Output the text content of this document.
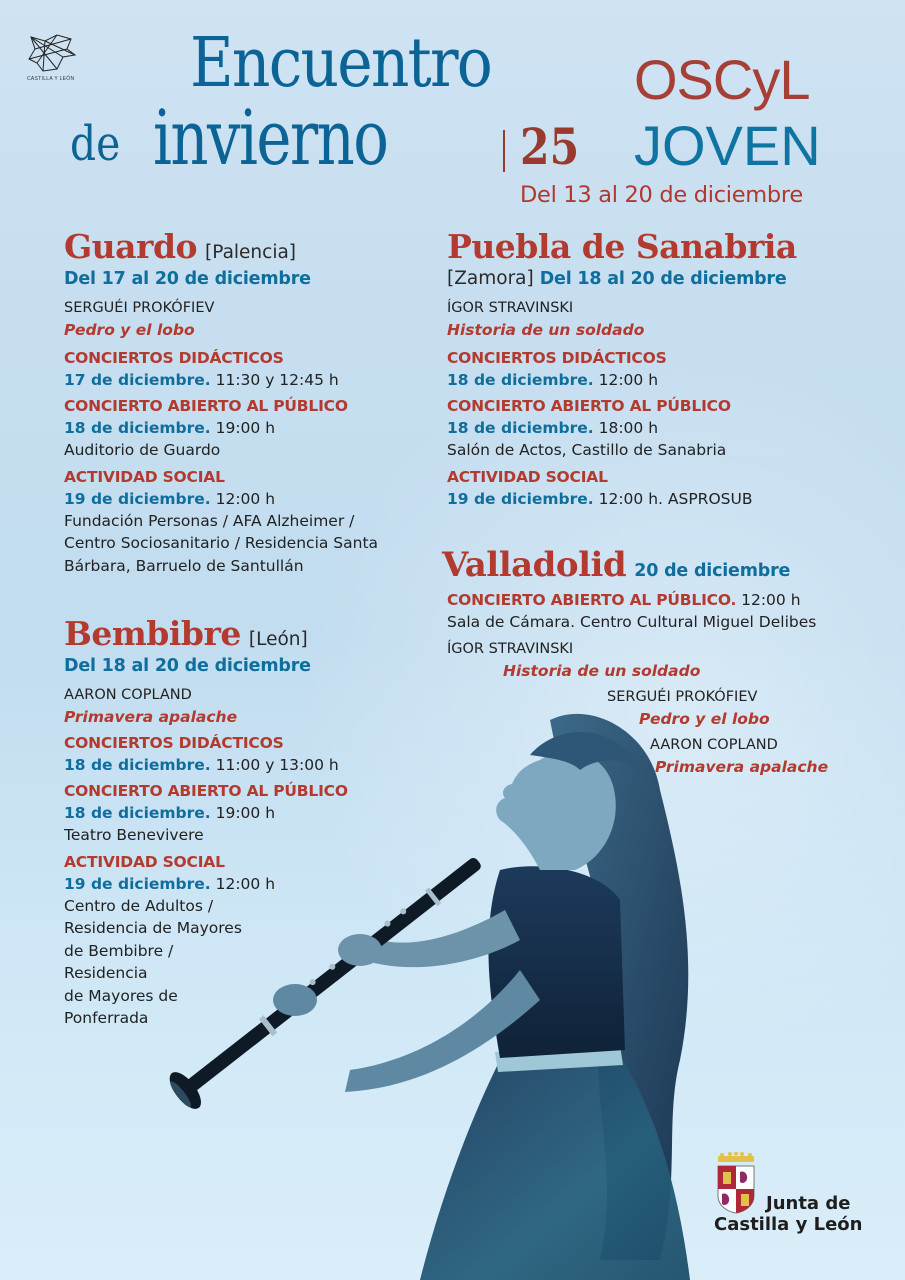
CASTILLA Y LEÓN Encuentro
de invierno	25
OSCyL
JOVEN
Del 13 al 20 de diciembre
Guardo [Palencia]
Del 17 al 20 de diciembre
SERGUÉI PROKÓFIEV
Pedro y el lobo
CONCIERTOS DIDÁCTICOS
17 de diciembre. 11:30 y 12:45 h
CONCIERTO ABIERTO AL PÚBLICO
18 de diciembre. 19:00 h
Auditorio de Guardo
ACTIVIDAD SOCIAL
19 de diciembre. 12:00 h
Fundación Personas / AFA Alzheimer /
Centro Sociosanitario / Residencia Santa
Bárbara, Barruelo de Santullán
Bembibre [León]
Del 18 al 20 de diciembre
AARON COPLAND
Primavera apalache
CONCIERTOS DIDÁCTICOS
18 de diciembre. 11:00 y 13:00 h
CONCIERTO ABIERTO AL PÚBLICO
18 de diciembre. 19:00 h
Teatro Benevivere
ACTIVIDAD SOCIAL
19 de diciembre. 12:00 h
Centro de Adultos /
Residencia de Mayores
de Bembibre /
Residencia
de Mayores de
Ponferrada
Puebla de Sanabria
[Zamora] Del 18 al 20 de diciembre
ÍGOR STRAVINSKI
Historia de un soldado
CONCIERTOS DIDÁCTICOS
18 de diciembre. 12:00 h
CONCIERTO ABIERTO AL PÚBLICO
18 de diciembre. 18:00 h
Salón de Actos, Castillo de Sanabria
ACTIVIDAD SOCIAL
19 de diciembre. 12:00 h. ASPROSUB
Valladolid 20 de diciembre
CONCIERTO ABIERTO AL PÚBLICO. 12:00 h
Sala de Cámara. Centro Cultural Miguel Delibes
ÍGOR STRAVINSKI
Historia de un soldado
SERGUÉI PROKÓFIEV
Pedro y el lobo
AARON COPLAND
Primavera apalache
Junta de
Castilla y León
